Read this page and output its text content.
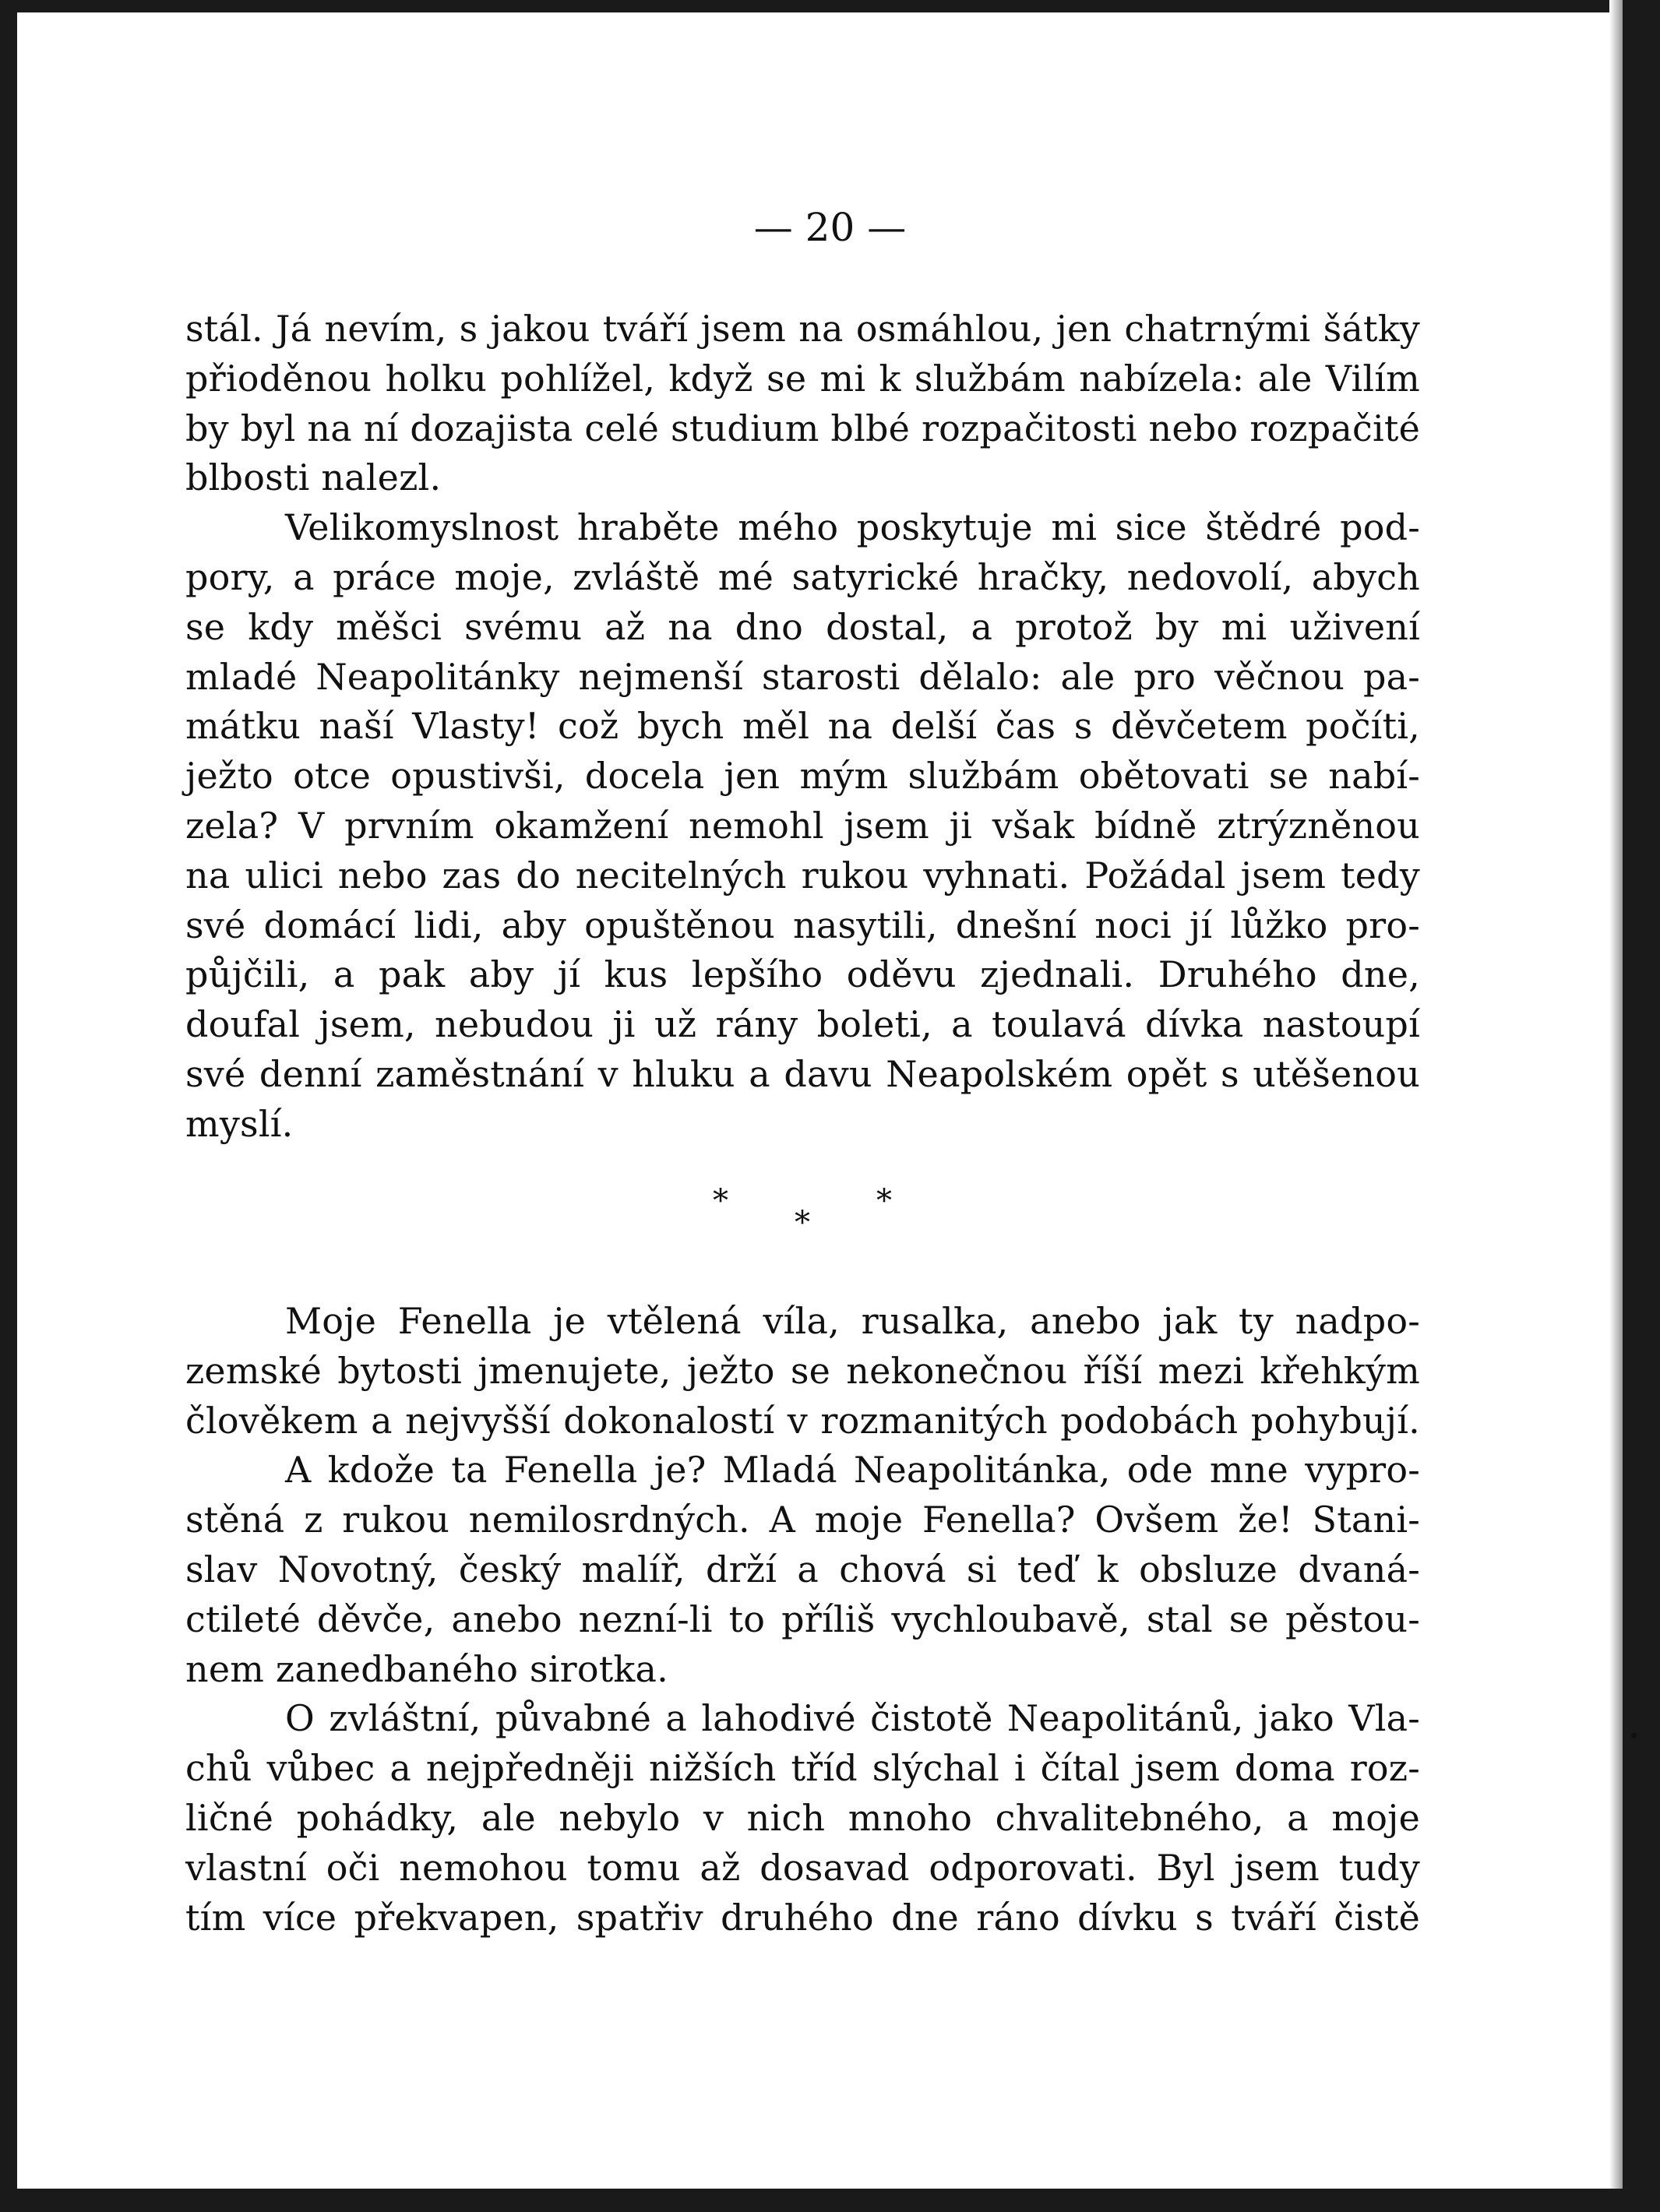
— 20 —
stál. Já nevím, s jakou tváří jsem na osmáhlou, jen chatrnými šátky
přioděnou holku pohlížel, když se mi k službám nabízela: ale Vilím
by byl na ní dozajista celé studium blbé rozpačitosti nebo rozpačité
blbosti nalezl.
Velikomyslnost hraběte mého poskytuje mi sice štědré pod-
pory, a práce moje, zvláště mé satyrické hračky, nedovolí, abych
se kdy měšci svému až na dno dostal, a protož by mi uživení
mladé Neapolitánky nejmenší starosti dělalo: ale pro věčnou pa-
mátku naší Vlasty! což bych měl na delší čas s děvčetem počíti,
ježto otce opustivši, docela jen mým službám obětovati se nabí-
zela? V prvním okamžení nemohl jsem ji však bídně ztrýzněnou
na ulici nebo zas do necitelných rukou vyhnati. Požádal jsem tedy
své domácí lidi, aby opuštěnou nasytili, dnešní noci jí lůžko pro-
půjčili, a pak aby jí kus lepšího oděvu zjednali. Druhého dne,
doufal jsem, nebudou ji už rány boleti, a toulavá dívka nastoupí
své denní zaměstnání v hluku a davu Neapolském opět s utěšenou
myslí.
*
*
*
Moje Fenella je vtělená víla, rusalka, anebo jak ty nadpo-
zemské bytosti jmenujete, ježto se nekonečnou říší mezi křehkým
člověkem a nejvyšší dokonalostí v rozmanitých podobách pohybují.
A kdože ta Fenella je? Mladá Neapolitánka, ode mne vypro-
stěná z rukou nemilosrdných. A moje Fenella? Ovšem že! Stani-
slav Novotný, český malíř, drží a chová si teď k obsluze dvaná-
ctileté děvče, anebo nezní-li to příliš vychloubavě, stal se pěstou-
nem zanedbaného sirotka.
O zvláštní, půvabné a lahodivé čistotě Neapolitánů, jako Vla-
chů vůbec a nejpředněji nižších tříd slýchal i čítal jsem doma roz-
ličné pohádky, ale nebylo v nich mnoho chvalitebného, a moje
vlastní oči nemohou tomu až dosavad odporovati. Byl jsem tudy
tím více překvapen, spatřiv druhého dne ráno dívku s tváří čistě
•
